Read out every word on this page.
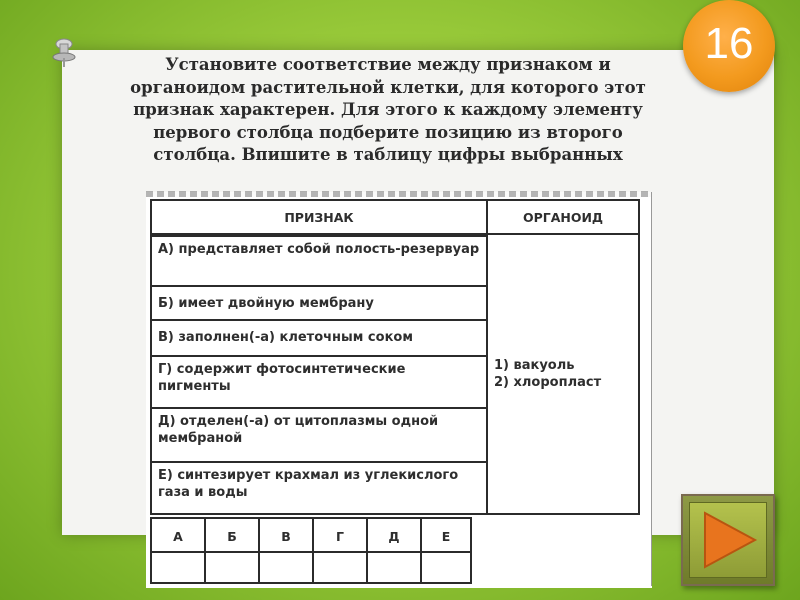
Установите соответствие между признаком и
органоидом растительной клетки, для которого этот
признак характерен. Для этого к каждому элементу
первого столбца подберите позицию из второго
столбца. Впишите в таблицу цифры выбранных
ПРИЗНАК	ОРГАНОИД
А) представляет собой полость-резервуар
Б) имеет двойную мембрану
В) заполнен(-а) клеточным соком
Г) содержит фотосинтетические пигменты
Д) отделен(-а) от цитоплазмы одной мембраной
Е) синтезирует крахмал из углекислого газа и воды
1) вакуоль
2) хлоропласт
А	Б	В	Г	Д	Е
16
